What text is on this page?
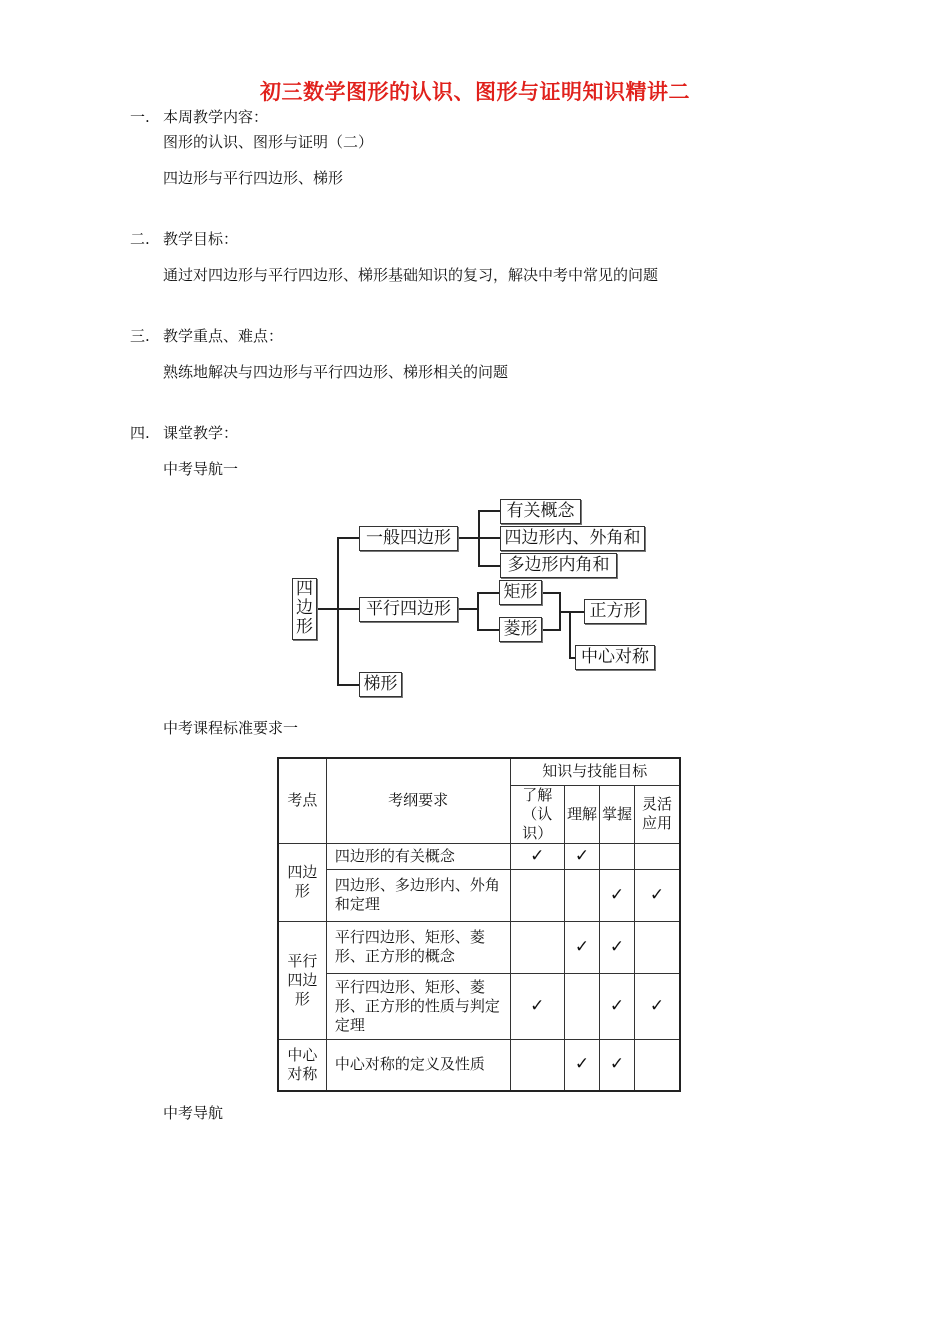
初三数学图形的认识、图形与证明知识精讲二
一. 本周教学内容：
图形的认识、图形与证明（二）
四边形与平行四边形、梯形
二. 教学目标：
通过对四边形与平行四边形、梯形基础知识的复习，解决中考中常见的问题
三. 教学重点、难点：
熟练地解决与四边形与平行四边形、梯形相关的问题
四. 课堂教学：
中考导航一
四边形
一般四边形
有关概念
四边形内、外角和
多边形内角和
平行四边形
矩形
菱形
正方形
中心对称
梯形
中考课程标准要求一
考点	考纲要求	知识与技能目标			
		了解（认识）	理解	掌握	灵活应用
四边形	四边形的有关概念	✓	✓		
	四边形、多边形内、外角和定理			✓	✓
平行四边形	平行四边形、矩形、菱形、正方形的概念		✓	✓	
	平行四边形、矩形、菱形、正方形的性质与判定定理	✓		✓	✓
中心对称	中心对称的定义及性质		✓	✓	
中考导航
